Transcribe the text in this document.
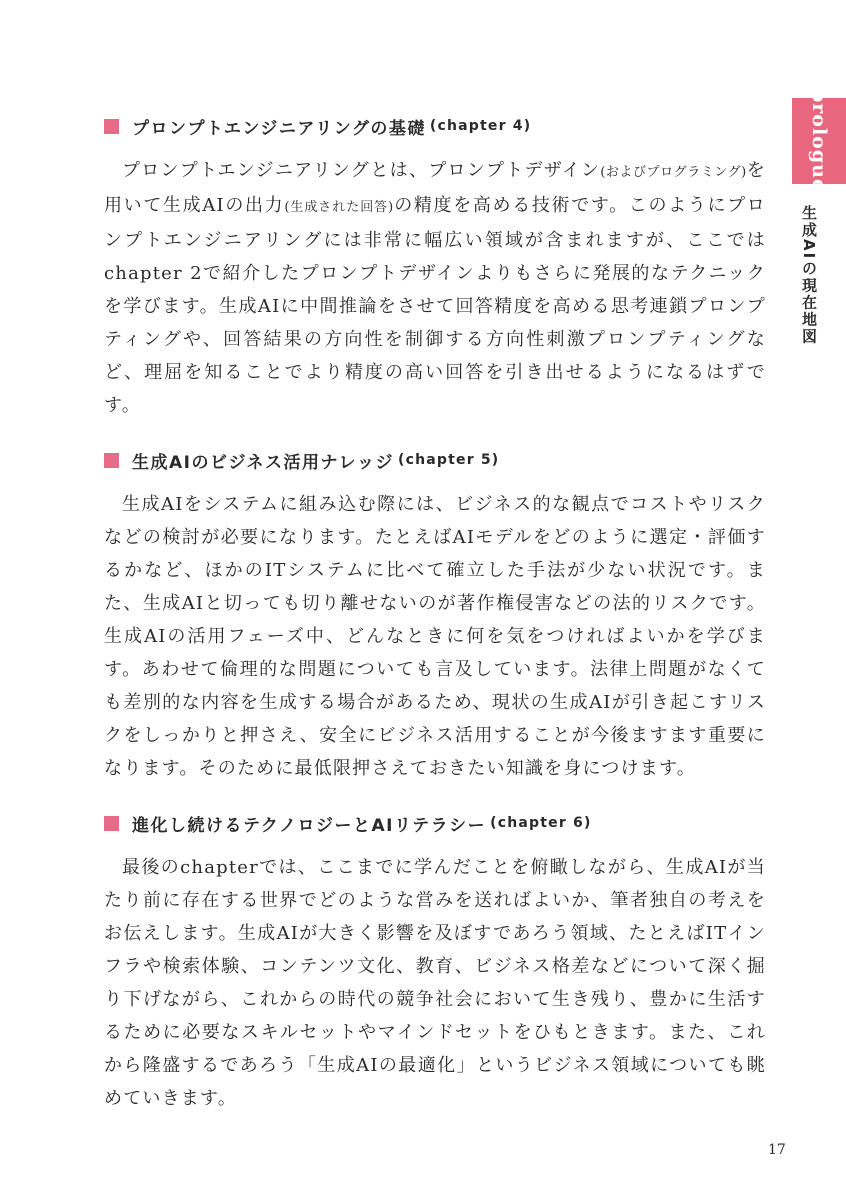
プロンプトエンジニアリングの基礎 (chapter 4)

プロンプトエンジニアリングとは、プロンプトデザイン(およびプログラミング)を用いて生成AIの出力(生成された回答)の精度を高める技術です。このようにプロンプトエンジニアリングには非常に幅広い領域が含まれますが、ここではchapter 2で紹介したプロンプトデザインよりもさらに発展的なテクニックを学びます。生成AIに中間推論をさせて回答精度を高める思考連鎖プロンプティングや、回答結果の方向性を制御する方向性刺激プロンプティングなど、理屈を知ることでより精度の高い回答を引き出せるようになるはずです。

生成AIのビジネス活用ナレッジ (chapter 5)

生成AIをシステムに組み込む際には、ビジネス的な観点でコストやリスクなどの検討が必要になります。たとえばAIモデルをどのように選定・評価するかなど、ほかのITシステムに比べて確立した手法が少ない状況です。また、生成AIと切っても切り離せないのが著作権侵害などの法的リスクです。生成AIの活用フェーズ中、どんなときに何を気をつければよいかを学びます。あわせて倫理的な問題についても言及しています。法律上問題がなくても差別的な内容を生成する場合があるため、現状の生成AIが引き起こすリスクをしっかりと押さえ、安全にビジネス活用することが今後ますます重要になります。そのために最低限押さえておきたい知識を身につけます。

進化し続けるテクノロジーとAIリテラシー (chapter 6)

最後のchapterでは、ここまでに学んだことを俯瞰しながら、生成AIが当たり前に存在する世界でどのような営みを送ればよいか、筆者独自の考えをお伝えします。生成AIが大きく影響を及ぼすであろう領域、たとえばITインフラや検索体験、コンテンツ文化、教育、ビジネス格差などについて深く掘り下げながら、これからの時代の競争社会において生き残り、豊かに生活するために必要なスキルセットやマインドセットをひもときます。また、これから隆盛するであろう「生成AIの最適化」というビジネス領域についても眺めていきます。

prologue
生成AIの現在地図
17
